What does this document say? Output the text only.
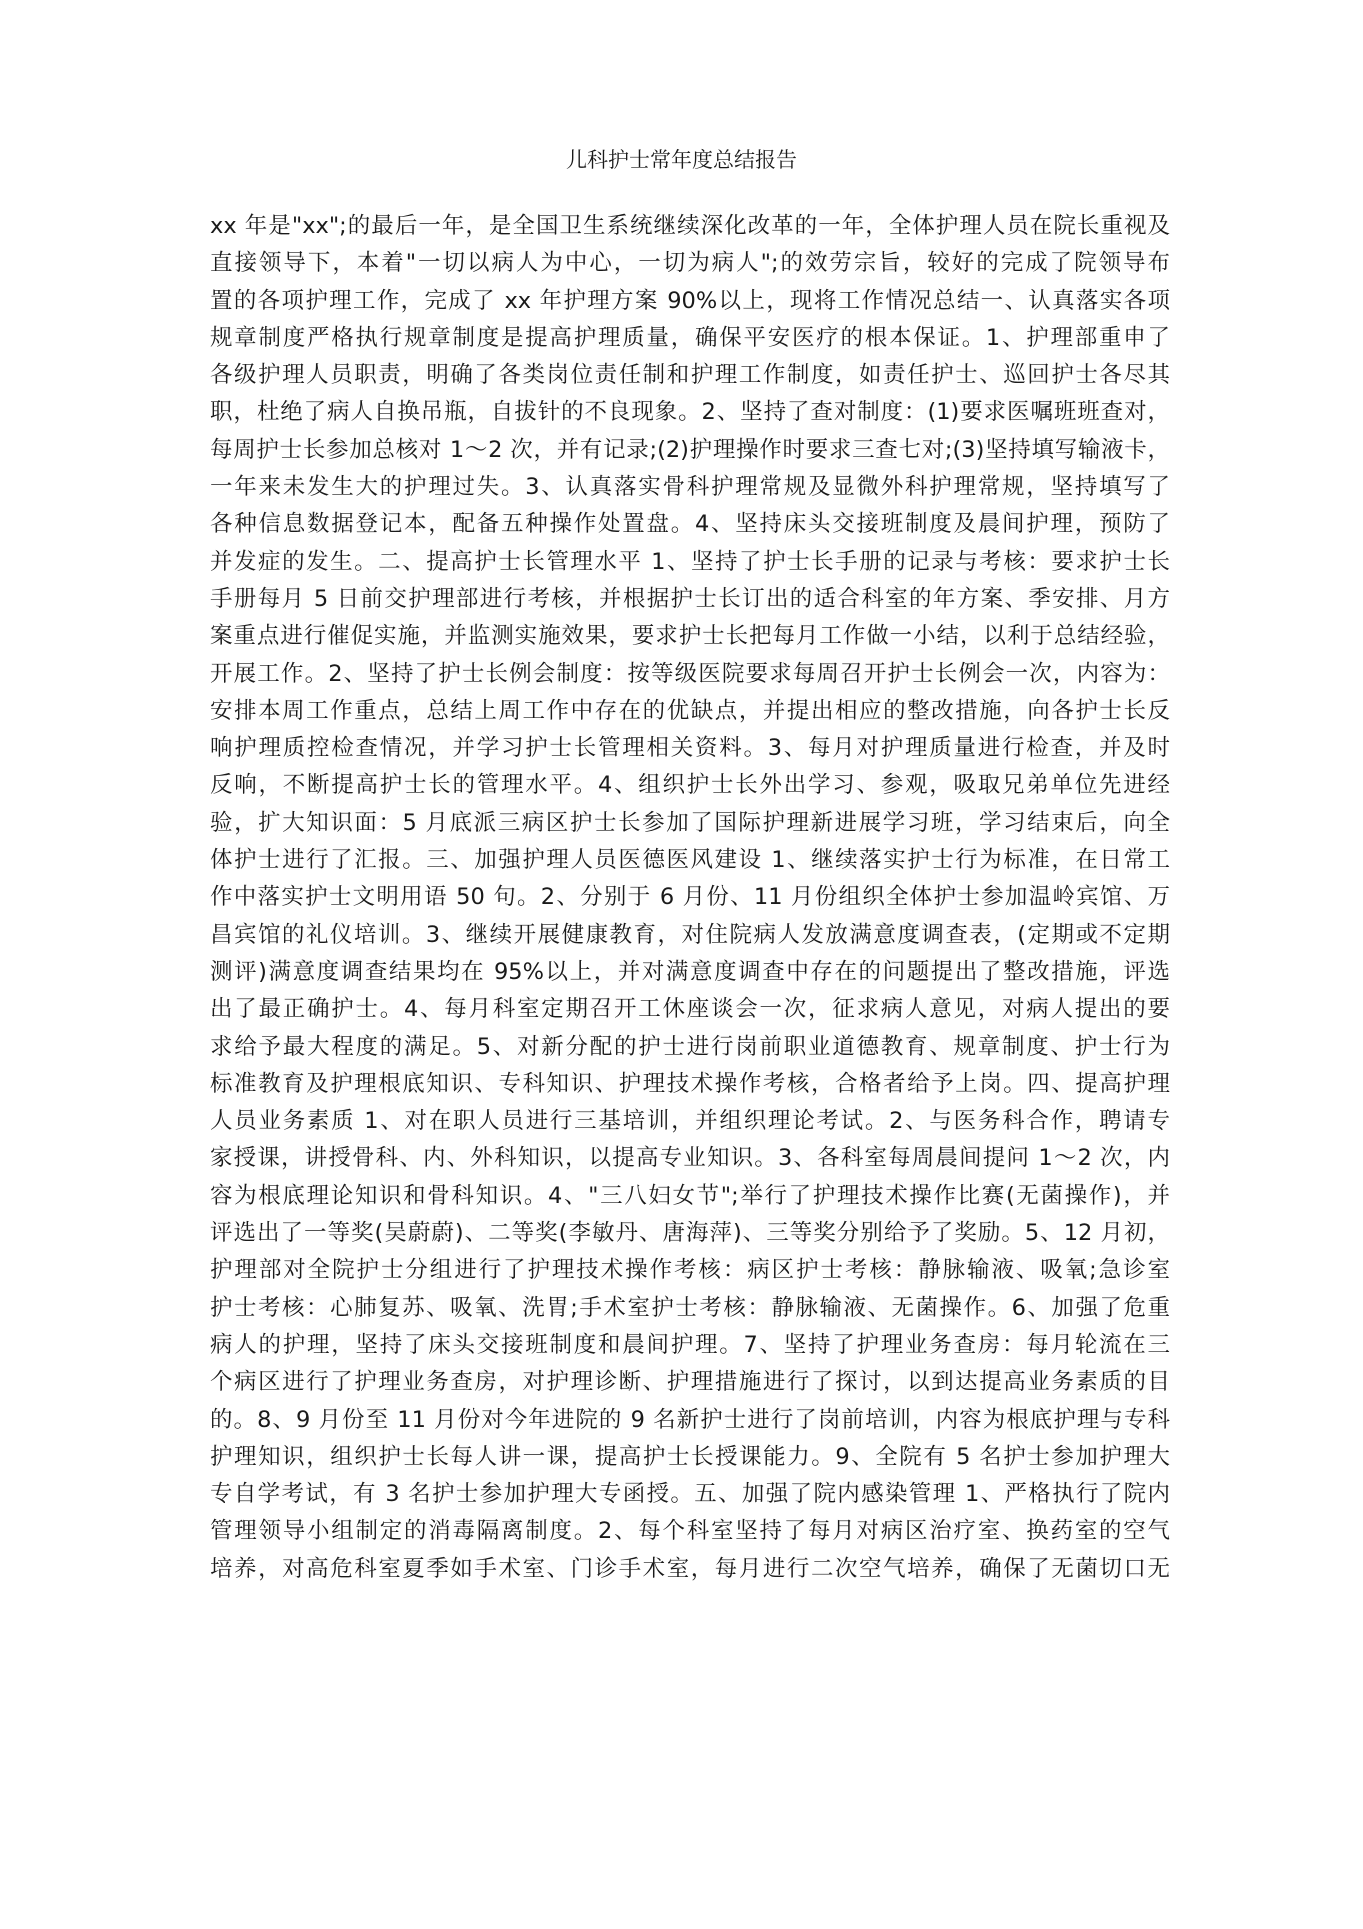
儿科护士常年度总结报告
xx 年是"xx";的最后一年，是全国卫生系统继续深化改革的一年，全体护理人员在院长重视及
直接领导下，本着"一切以病人为中心，一切为病人";的效劳宗旨，较好的完成了院领导布
置的各项护理工作，完成了 xx 年护理方案 90%以上，现将工作情况总结一、认真落实各项
规章制度严格执行规章制度是提高护理质量，确保平安医疗的根本保证。1、护理部重申了
各级护理人员职责，明确了各类岗位责任制和护理工作制度，如责任护士、巡回护士各尽其
职，杜绝了病人自换吊瓶，自拔针的不良现象。2、坚持了查对制度：(1)要求医嘱班班查对，
每周护士长参加总核对 1～2 次，并有记录;(2)护理操作时要求三查七对;(3)坚持填写输液卡，
一年来未发生大的护理过失。3、认真落实骨科护理常规及显微外科护理常规，坚持填写了
各种信息数据登记本，配备五种操作处置盘。4、坚持床头交接班制度及晨间护理，预防了
并发症的发生。二、提高护士长管理水平 1、坚持了护士长手册的记录与考核：要求护士长
手册每月 5 日前交护理部进行考核，并根据护士长订出的适合科室的年方案、季安排、月方
案重点进行催促实施，并监测实施效果，要求护士长把每月工作做一小结，以利于总结经验，
开展工作。2、坚持了护士长例会制度：按等级医院要求每周召开护士长例会一次，内容为：
安排本周工作重点，总结上周工作中存在的优缺点，并提出相应的整改措施，向各护士长反
响护理质控检查情况，并学习护士长管理相关资料。3、每月对护理质量进行检查，并及时
反响，不断提高护士长的管理水平。4、组织护士长外出学习、参观，吸取兄弟单位先进经
验，扩大知识面：5 月底派三病区护士长参加了国际护理新进展学习班，学习结束后，向全
体护士进行了汇报。三、加强护理人员医德医风建设 1、继续落实护士行为标准，在日常工
作中落实护士文明用语 50 句。2、分别于 6 月份、11 月份组织全体护士参加温岭宾馆、万
昌宾馆的礼仪培训。3、继续开展健康教育，对住院病人发放满意度调查表，(定期或不定期
测评)满意度调查结果均在 95%以上，并对满意度调查中存在的问题提出了整改措施，评选
出了最正确护士。4、每月科室定期召开工休座谈会一次，征求病人意见，对病人提出的要
求给予最大程度的满足。5、对新分配的护士进行岗前职业道德教育、规章制度、护士行为
标准教育及护理根底知识、专科知识、护理技术操作考核，合格者给予上岗。四、提高护理
人员业务素质 1、对在职人员进行三基培训，并组织理论考试。2、与医务科合作，聘请专
家授课，讲授骨科、内、外科知识，以提高专业知识。3、各科室每周晨间提问 1～2 次，内
容为根底理论知识和骨科知识。4、"三八妇女节";举行了护理技术操作比赛(无菌操作)，并
评选出了一等奖(吴蔚蔚)、二等奖(李敏丹、唐海萍)、三等奖分别给予了奖励。5、12 月初，
护理部对全院护士分组进行了护理技术操作考核：病区护士考核：静脉输液、吸氧;急诊室
护士考核：心肺复苏、吸氧、洗胃;手术室护士考核：静脉输液、无菌操作。6、加强了危重
病人的护理，坚持了床头交接班制度和晨间护理。7、坚持了护理业务查房：每月轮流在三
个病区进行了护理业务查房，对护理诊断、护理措施进行了探讨，以到达提高业务素质的目
的。8、9 月份至 11 月份对今年进院的 9 名新护士进行了岗前培训，内容为根底护理与专科
护理知识，组织护士长每人讲一课，提高护士长授课能力。9、全院有 5 名护士参加护理大
专自学考试，有 3 名护士参加护理大专函授。五、加强了院内感染管理 1、严格执行了院内
管理领导小组制定的消毒隔离制度。2、每个科室坚持了每月对病区治疗室、换药室的空气
培养，对高危科室夏季如手术室、门诊手术室，每月进行二次空气培养，确保了无菌切口无
